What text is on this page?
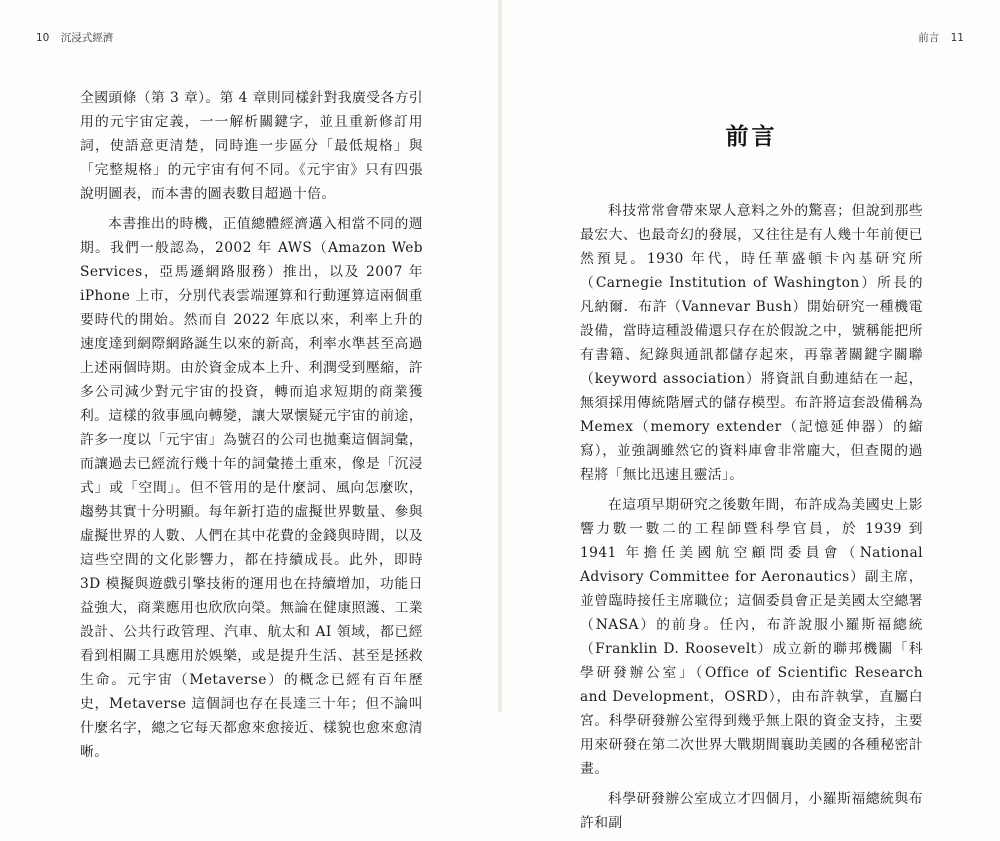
10 沉浸式經濟

全國頭條（第 3 章）。第 4 章則同樣針對我廣受各方引用的元宇宙定義，一一解析關鍵字，並且重新修訂用詞，使語意更清楚，同時進一步區分「最低規格」與「完整規格」的元宇宙有何不同。《元宇宙》只有四張說明圖表，而本書的圖表數目超過十倍。

本書推出的時機，正值總體經濟邁入相當不同的週期。我們一般認為，2002 年 AWS（Amazon Web Services，亞馬遜網路服務）推出，以及 2007 年 iPhone 上市，分別代表雲端運算和行動運算這兩個重要時代的開始。然而自 2022 年底以來，利率上升的速度達到網際網路誕生以來的新高，利率水準甚至高過上述兩個時期。由於資金成本上升、利潤受到壓縮，許多公司減少對元宇宙的投資，轉而追求短期的商業獲利。這樣的敘事風向轉變，讓大眾懷疑元宇宙的前途，許多一度以「元宇宙」為號召的公司也拋棄這個詞彙，而讓過去已經流行幾十年的詞彙捲土重來，像是「沉浸式」或「空間」。但不管用的是什麼詞、風向怎麼吹，趨勢其實十分明顯。每年新打造的虛擬世界數量、參與虛擬世界的人數、人們在其中花費的金錢與時間，以及這些空間的文化影響力，都在持續成長。此外，即時 3D 模擬與遊戲引擎技術的運用也在持續增加，功能日益強大，商業應用也欣欣向榮。無論在健康照護、工業設計、公共行政管理、汽車、航太和 AI 領域，都已經看到相關工具應用於娛樂，或是提升生活、甚至是拯救生命。元宇宙（Metaverse）的概念已經有百年歷史，Metaverse 這個詞也存在長達三十年；但不論叫什麼名字，總之它每天都愈來愈接近、樣貌也愈來愈清晰。

前言 11
前言

科技常常會帶來眾人意料之外的驚喜；但說到那些最宏大、也最奇幻的發展，又往往是有人幾十年前便已然預見。1930 年代，時任華盛頓卡內基研究所（Carnegie Institution of Washington）所長的凡納爾．布許（Vannevar Bush）開始研究一種機電設備，當時這種設備還只存在於假說之中，號稱能把所有書籍、紀錄與通訊都儲存起來，再靠著關鍵字關聯（keyword association）將資訊自動連結在一起，無須採用傳統階層式的儲存模型。布許將這套設備稱為 Memex（memory extender（記憶延伸器）的縮寫），並強調雖然它的資料庫會非常龐大，但查閱的過程將「無比迅速且靈活」。

在這項早期研究之後數年間，布許成為美國史上影響力數一數二的工程師暨科學官員，於 1939 到 1941 年擔任美國航空顧問委員會（National Advisory Committee for Aeronautics）副主席，並曾臨時接任主席職位；這個委員會正是美國太空總署（NASA）的前身。任內，布許說服小羅斯福總統（Franklin D. Roosevelt）成立新的聯邦機關「科學研發辦公室」（Office of Scientific Research and Development，OSRD），由布許執掌，直屬白宮。科學研發辦公室得到幾乎無上限的資金支持，主要用來研發在第二次世界大戰期間襄助美國的各種秘密計畫。

科學研發辦公室成立才四個月，小羅斯福總統與布許和副
